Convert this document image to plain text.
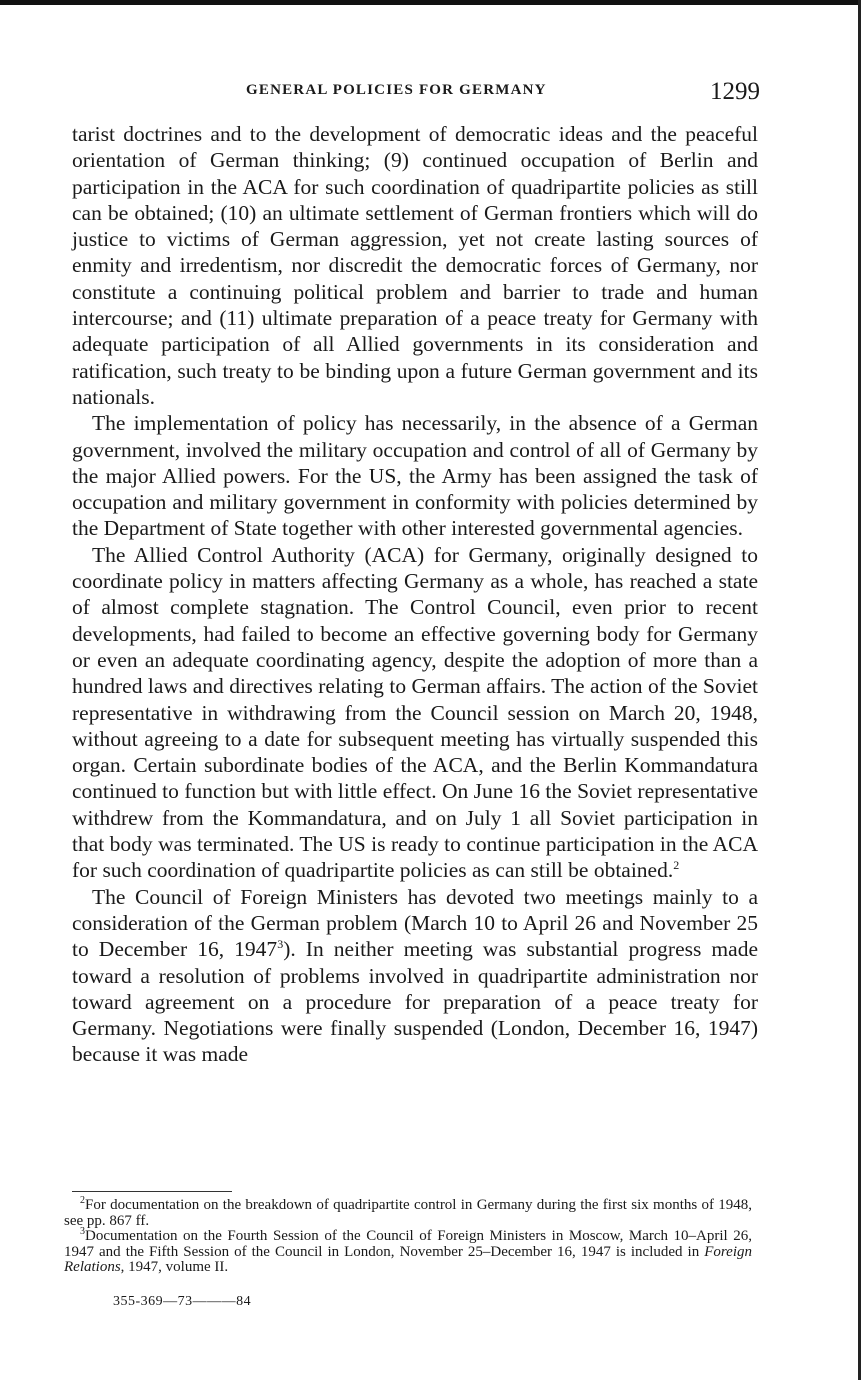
GENERAL POLICIES FOR GERMANY	1299

tarist doctrines and to the development of democratic ideas and the peaceful orientation of German thinking; (9) continued occupation of Berlin and participation in the ACA for such coordination of quadripartite policies as still can be obtained; (10) an ultimate settlement of German frontiers which will do justice to victims of German aggression, yet not create lasting sources of enmity and irredentism, nor discredit the democratic forces of Germany, nor constitute a continuing political problem and barrier to trade and human intercourse; and (11) ultimate preparation of a peace treaty for Germany with adequate participation of all Allied governments in its consideration and ratification, such treaty to be binding upon a future German government and its nationals.

The implementation of policy has necessarily, in the absence of a German government, involved the military occupation and control of all of Germany by the major Allied powers. For the US, the Army has been assigned the task of occupation and military government in conformity with policies determined by the Department of State together with other interested governmental agencies.

The Allied Control Authority (ACA) for Germany, originally designed to coordinate policy in matters affecting Germany as a whole, has reached a state of almost complete stagnation. The Control Council, even prior to recent developments, had failed to become an effective governing body for Germany or even an adequate coordinating agency, despite the adoption of more than a hundred laws and directives relating to German affairs. The action of the Soviet representative in withdrawing from the Council session on March 20, 1948, without agreeing to a date for subsequent meeting has virtually suspended this organ. Certain subordinate bodies of the ACA, and the Berlin Kommandatura continued to function but with little effect. On June 16 the Soviet representative withdrew from the Kommandatura, and on July 1 all Soviet participation in that body was terminated. The US is ready to continue participation in the ACA for such coordination of quadripartite policies as can still be obtained.$^2$

The Council of Foreign Ministers has devoted two meetings mainly to a consideration of the German problem (March 10 to April 26 and November 25 to December 16, 1947$^3$). In neither meeting was substantial progress made toward a resolution of problems involved in quadripartite administration nor toward agreement on a procedure for preparation of a peace treaty for Germany. Negotiations were finally suspended (London, December 16, 1947) because it was made

$^2$For documentation on the breakdown of quadripartite control in Germany during the first six months of 1948, see pp. 867 ff.

$^3$Documentation on the Fourth Session of the Council of Foreign Ministers in Moscow, March 10–April 26, 1947 and the Fifth Session of the Council in London, November 25–December 16, 1947 is included in Foreign Relations, 1947, volume II.

355-369—73———84
